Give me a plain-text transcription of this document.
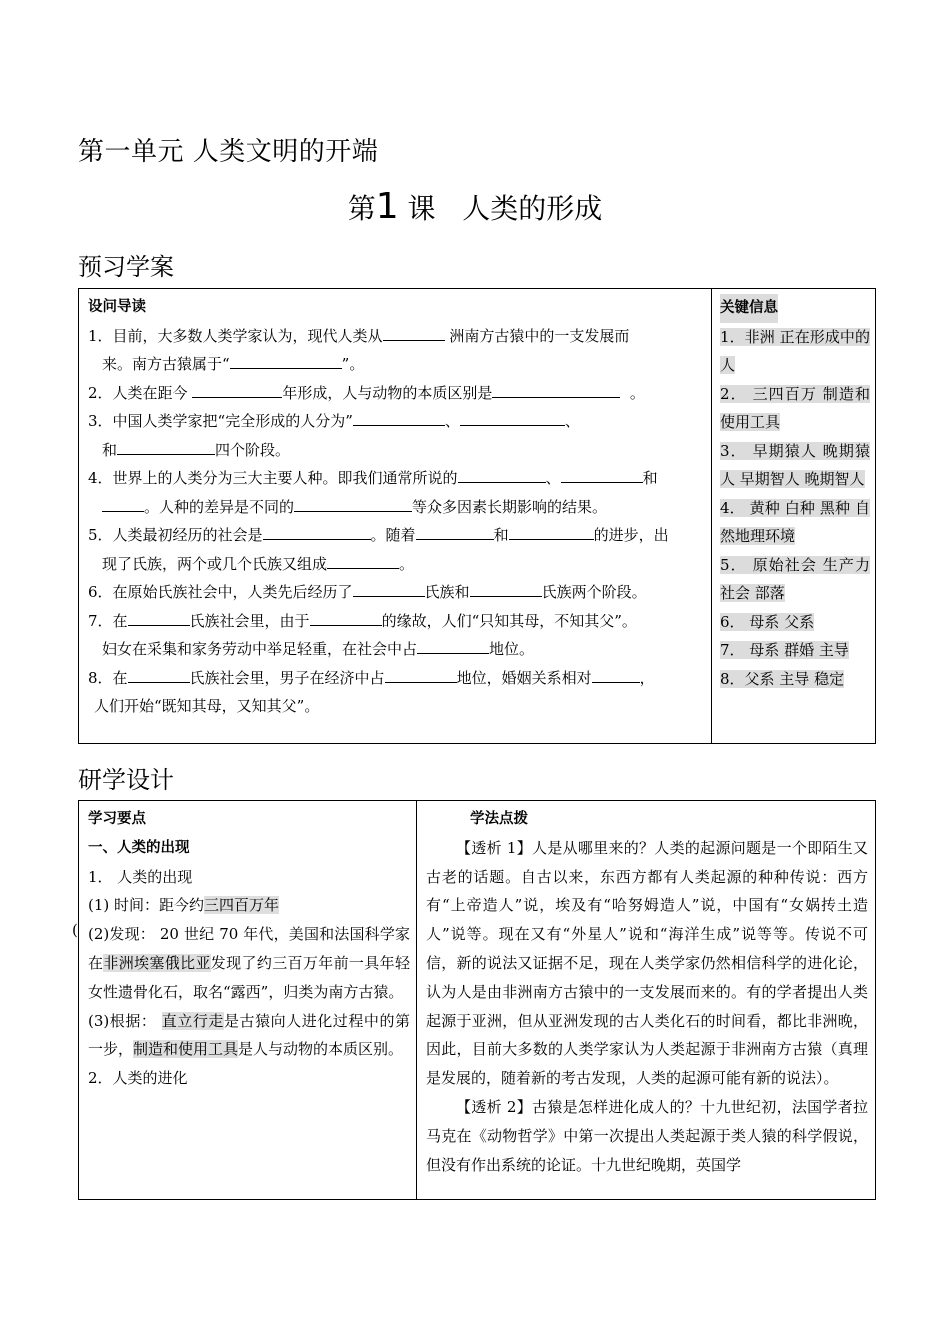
第一单元 人类文明的开端
第1 课 人类的形成
预习学案
设问导读

1．目前，大多数人类学家认为，现代人类从	洲南方古猿中的一支发展而
来。南方古猿属于“	”。

2．人类在距今	年形成，人与动物的本质区别是	。

3．中国人类学家把“完全形成的人分为”	、	、
和	四个阶段。

4．世界上的人类分为三大主要人种。即我们通常所说的	、	和
。人种的差异是不同的	等众多因素长期影响的结果。

5．人类最初经历的社会是	。随着	和	的进步，出
现了氏族，两个或几个氏族又组成	。

6．在原始氏族社会中，人类先后经历了	氏族和	氏族两个阶段。

7．在	氏族社会里，由于	的缘故，人们“只知其母，不知其父”。
妇女在采集和家务劳动中举足轻重，在社会中占	地位。

8．在	氏族社会里，男子在经济中占	地位，婚姻关系相对	，
人们开始“既知其母，又知其父”。

关键信息

1．非洲 正在形成中的人

2． 三四百万 制造和使用工具

3． 早期猿人 晚期猿人 早期智人 晚期智人

4． 黄种 白种 黑种 自然地理环境

5． 原始社会 生产力 社会 部落

6． 母系 父系

7． 母系 群婚 主导

8．父系 主导 稳定

研学设计
(
学习要点

一、人类的出现

1． 人类的出现

(1) 时间：距今约三四百万年

(2)发现： 20 世纪 70 年代，美国和法国科学家在非洲埃塞俄比亚发现了约三百万年前一具年轻女性遗骨化石，取名“露西”，归类为南方古猿。

(3)根据： 直立行走是古猿向人进化过程中的第一步，制造和使用工具是人与动物的本质区别。

2．人类的进化

学法点拨

【透析 1】人是从哪里来的？人类的起源问题是一个即陌生又古老的话题。自古以来，东西方都有人类起源的种种传说：西方有“上帝造人”说，埃及有“哈努姆造人”说，中国有“女娲抟土造人”说等。现在又有“外星人”说和“海洋生成”说等等。传说不可信，新的说法又证据不足，现在人类学家仍然相信科学的进化论，认为人是由非洲南方古猿中的一支发展而来的。有的学者提出人类起源于亚洲，但从亚洲发现的古人类化石的时间看，都比非洲晚，因此，目前大多数的人类学家认为人类起源于非洲南方古猿（真理是发展的，随着新的考古发现，人类的起源可能有新的说法）。

【透析 2】古猿是怎样进化成人的？十九世纪初，法国学者拉马克在《动物哲学》中第一次提出人类起源于类人猿的科学假说，但没有作出系统的论证。十九世纪晚期，英国学
